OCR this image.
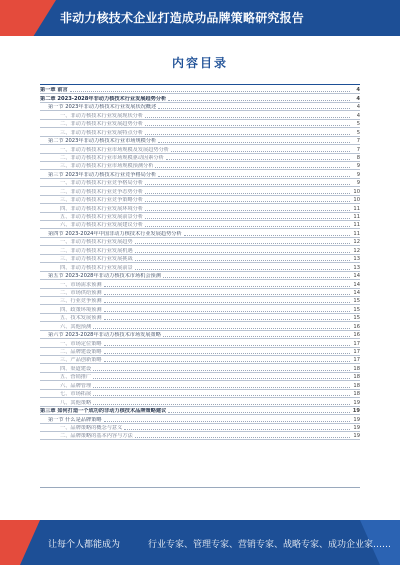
非动力核技术企业打造成功品牌策略研究报告
内容目录
第一章 前言	4
第二章 2023-2028年非动力核技术行业发展趋势分析	4
第一节 2023年非动力核技术行业发展状况概述	4
一、非动力核技术行业发展现状分析	4
二、非动力核技术行业发展趋势分析	5
三、非动力核技术行业发展特点分析	5
第二节 2023年非动力核技术行业市场规模分析	7
一、非动力核技术行业市场规模及发展趋势分析	7
二、非动力核技术行业市场规模驱动因素分析	8
三、非动力核技术行业市场规模预测分析	9
第三节 2023年非动力核技术行业竞争格局分析	9
一、非动力核技术行业竞争格局分析	9
二、非动力核技术行业竞争态势分析	10
三、非动力核技术行业竞争策略分析	10
四、非动力核技术行业发展环境分析	11
五、非动力核技术行业发展前景分析	11
六、非动力核技术行业发展建议分析	11
第四节 2023-2024年中国非动力核技术行业发展趋势分析	11
一、非动力核技术行业发展趋势	12
二、非动力核技术行业发展机遇	12
三、非动力核技术行业发展挑战	13
四、非动力核技术行业发展前景	13
第五节 2023-2028年非动力核技术市场机会预测	14
一、市场需求预测	14
二、市场供给预测	14
三、行业竞争预测	15
四、政策环境预测	15
五、技术发展预测	15
六、其他预测	16
第六节 2023-2028年非动力核技术市场发展策略	16
一、市场定位策略	17
二、品牌建设策略	17
三、产品创新策略	17
四、渠道建设	18
五、营销推广	18
六、品牌管理	18
七、市场拓展	18
八、其他策略	19
第三章 如何打造一个成功的非动力核技术品牌策略建议	19
第一节 什么是品牌策略	19
一、品牌策略的概念与意义	19
二、品牌策略的基本内容与方法	19
让每个人都能成为	行业专家、管理专家、营销专家、战略专家、成功企业家……
